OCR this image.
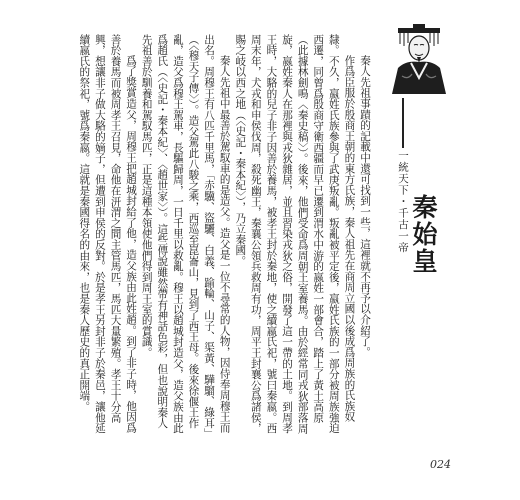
秦人先祖事蹟的記載中還可找到一些，這裡就不再予以介紹了。

作爲臣服於殷商王朝的東方氏族，秦人祖先在商周立國以後成爲周族的氏族奴隸。不久，嬴姓氏族參與了武庚叛亂。叛亂被平定後，嬴姓氏族的一部分被周族強迫西遷，同曾爲殷商守衛西疆而早已遷到渭水中游的嬴姓一部會合，踏上了黃土高原（此據林劍鳴〈秦史稿〉）。後來，他們受命爲周朝王室養馬。由於經常同戎狄部落周旋，嬴姓秦人在那裡與戎狄雜居，並且習染戎狄之俗，開發了這一帶的土地。到周孝王時，大駱的兒子非子因善於養馬，被孝王封於秦地，使之續嬴氏祀，號曰秦嬴。西周末年，犬戎和申侯伐周，殺死幽王，秦襄公領兵救周有功，周平王封襄公爲諸侯，賜之岐以西之地（〈史記・秦本紀〉），乃立秦國。

秦人先祖中最善於駕馭車的是造父。造父是一位不尋常的人物，因侍奉周穆王而出名。周穆王有八匹千里馬，「赤驥、盜驪、白義、踰輪、山子、渠黃、驊騮、綠耳」（〈穆天子傳〉）。造父駕此八駿之乘，西巡至崑崙山，見到了西王母。後來徐偃王作亂，造父爲穆王駕車，長驅歸周，一日千里以救亂。穆王以趙城封造父，造父族由此爲趙氏（〈史記・秦本紀〉、〈趙世家〉）。這些傳說雖然帶有神話色彩，但也說明秦人先祖善於馴養和駕馭馬匹，正是這種本領使他們得到周王室的賞識。

爲了獎賞造父，周穆王把趙城封給了他，造父族由此姓趙。到了非子時，他因爲善於養馬而被周孝王召見，命他在汧渭之間主管馬匹，馬匹大量繁殖。孝王十分高興，想讓非子做大駱的嫡子，但遭到申侯的反對。於是孝王另封非子於秦邑，讓他延續嬴氏的祭祀，號爲秦嬴。這就是秦國得名的由來，也是秦人歷史的真正開端。	一統天下・千古一帝 秦始皇
024
